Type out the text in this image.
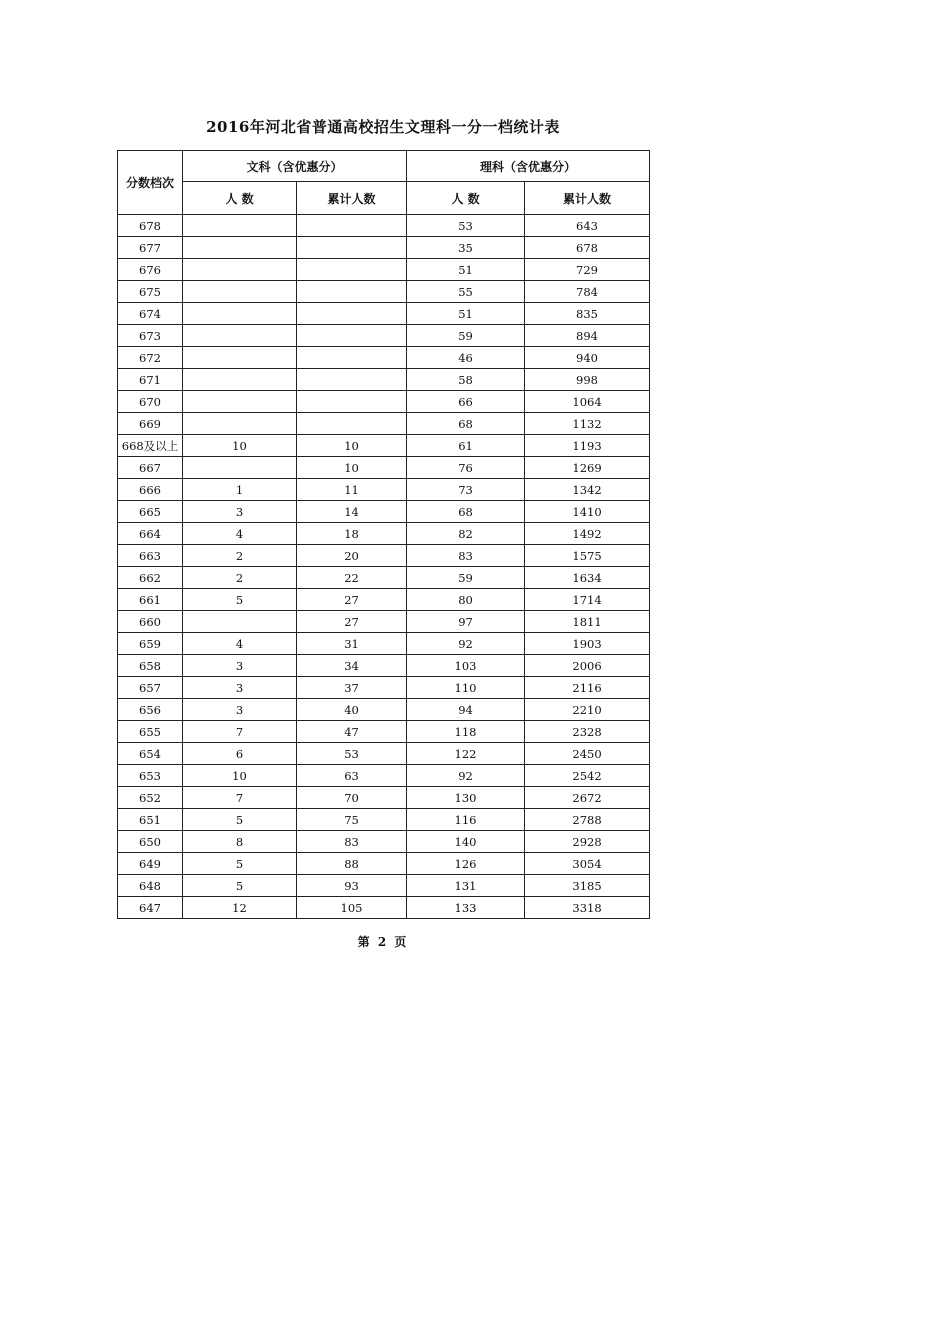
2016年河北省普通高校招生文理科一分一档统计表
分数档次	文科（含优惠分）		理科（含优惠分）	
	人 数	累计人数	人 数	累计人数
678			53	643
677			35	678
676			51	729
675			55	784
674			51	835
673			59	894
672			46	940
671			58	998
670			66	1064
669			68	1132
668及以上	10	10	61	1193
667		10	76	1269
666	1	11	73	1342
665	3	14	68	1410
664	4	18	82	1492
663	2	20	83	1575
662	2	22	59	1634
661	5	27	80	1714
660		27	97	1811
659	4	31	92	1903
658	3	34	103	2006
657	3	37	110	2116
656	3	40	94	2210
655	7	47	118	2328
654	6	53	122	2450
653	10	63	92	2542
652	7	70	130	2672
651	5	75	116	2788
650	8	83	140	2928
649	5	88	126	3054
648	5	93	131	3185
647	12	105	133	3318
第 2 页
